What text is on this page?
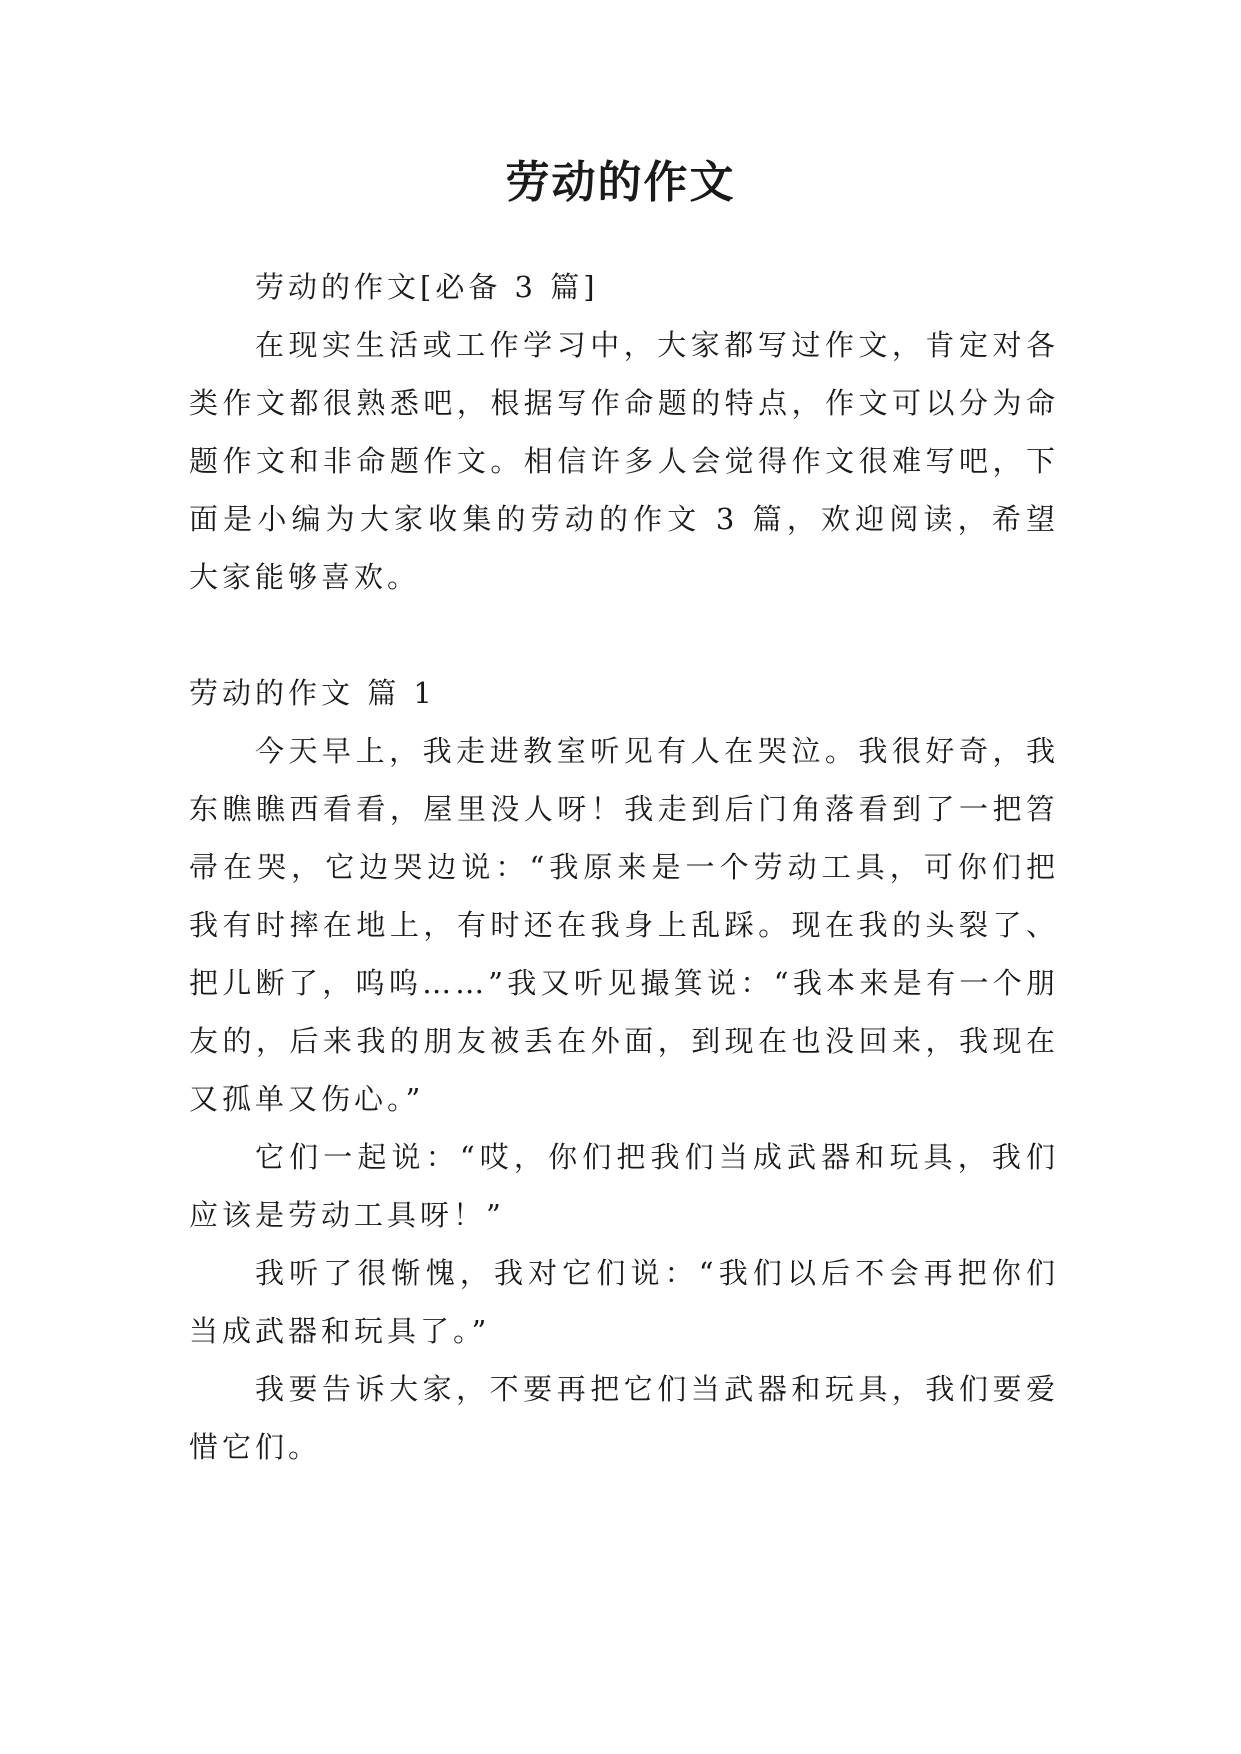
劳动的作文

劳动的作文[必备 3 篇]

在现实生活或工作学习中，大家都写过作文，肯定对各类作文都很熟悉吧，根据写作命题的特点，作文可以分为命题作文和非命题作文。相信许多人会觉得作文很难写吧，下面是小编为大家收集的劳动的作文 3 篇，欢迎阅读，希望大家能够喜欢。

劳动的作文 篇 1

今天早上，我走进教室听见有人在哭泣。我很好奇，我东瞧瞧西看看，屋里没人呀！我走到后门角落看到了一把笤帚在哭，它边哭边说：“我原来是一个劳动工具，可你们把我有时摔在地上，有时还在我身上乱踩。现在我的头裂了、把儿断了，呜呜……”我又听见撮箕说：“我本来是有一个朋友的，后来我的朋友被丢在外面，到现在也没回来，我现在又孤单又伤心。”

它们一起说：“哎，你们把我们当成武器和玩具，我们应该是劳动工具呀！”

我听了很惭愧，我对它们说：“我们以后不会再把你们当成武器和玩具了。”

我要告诉大家，不要再把它们当武器和玩具，我们要爱惜它们。
